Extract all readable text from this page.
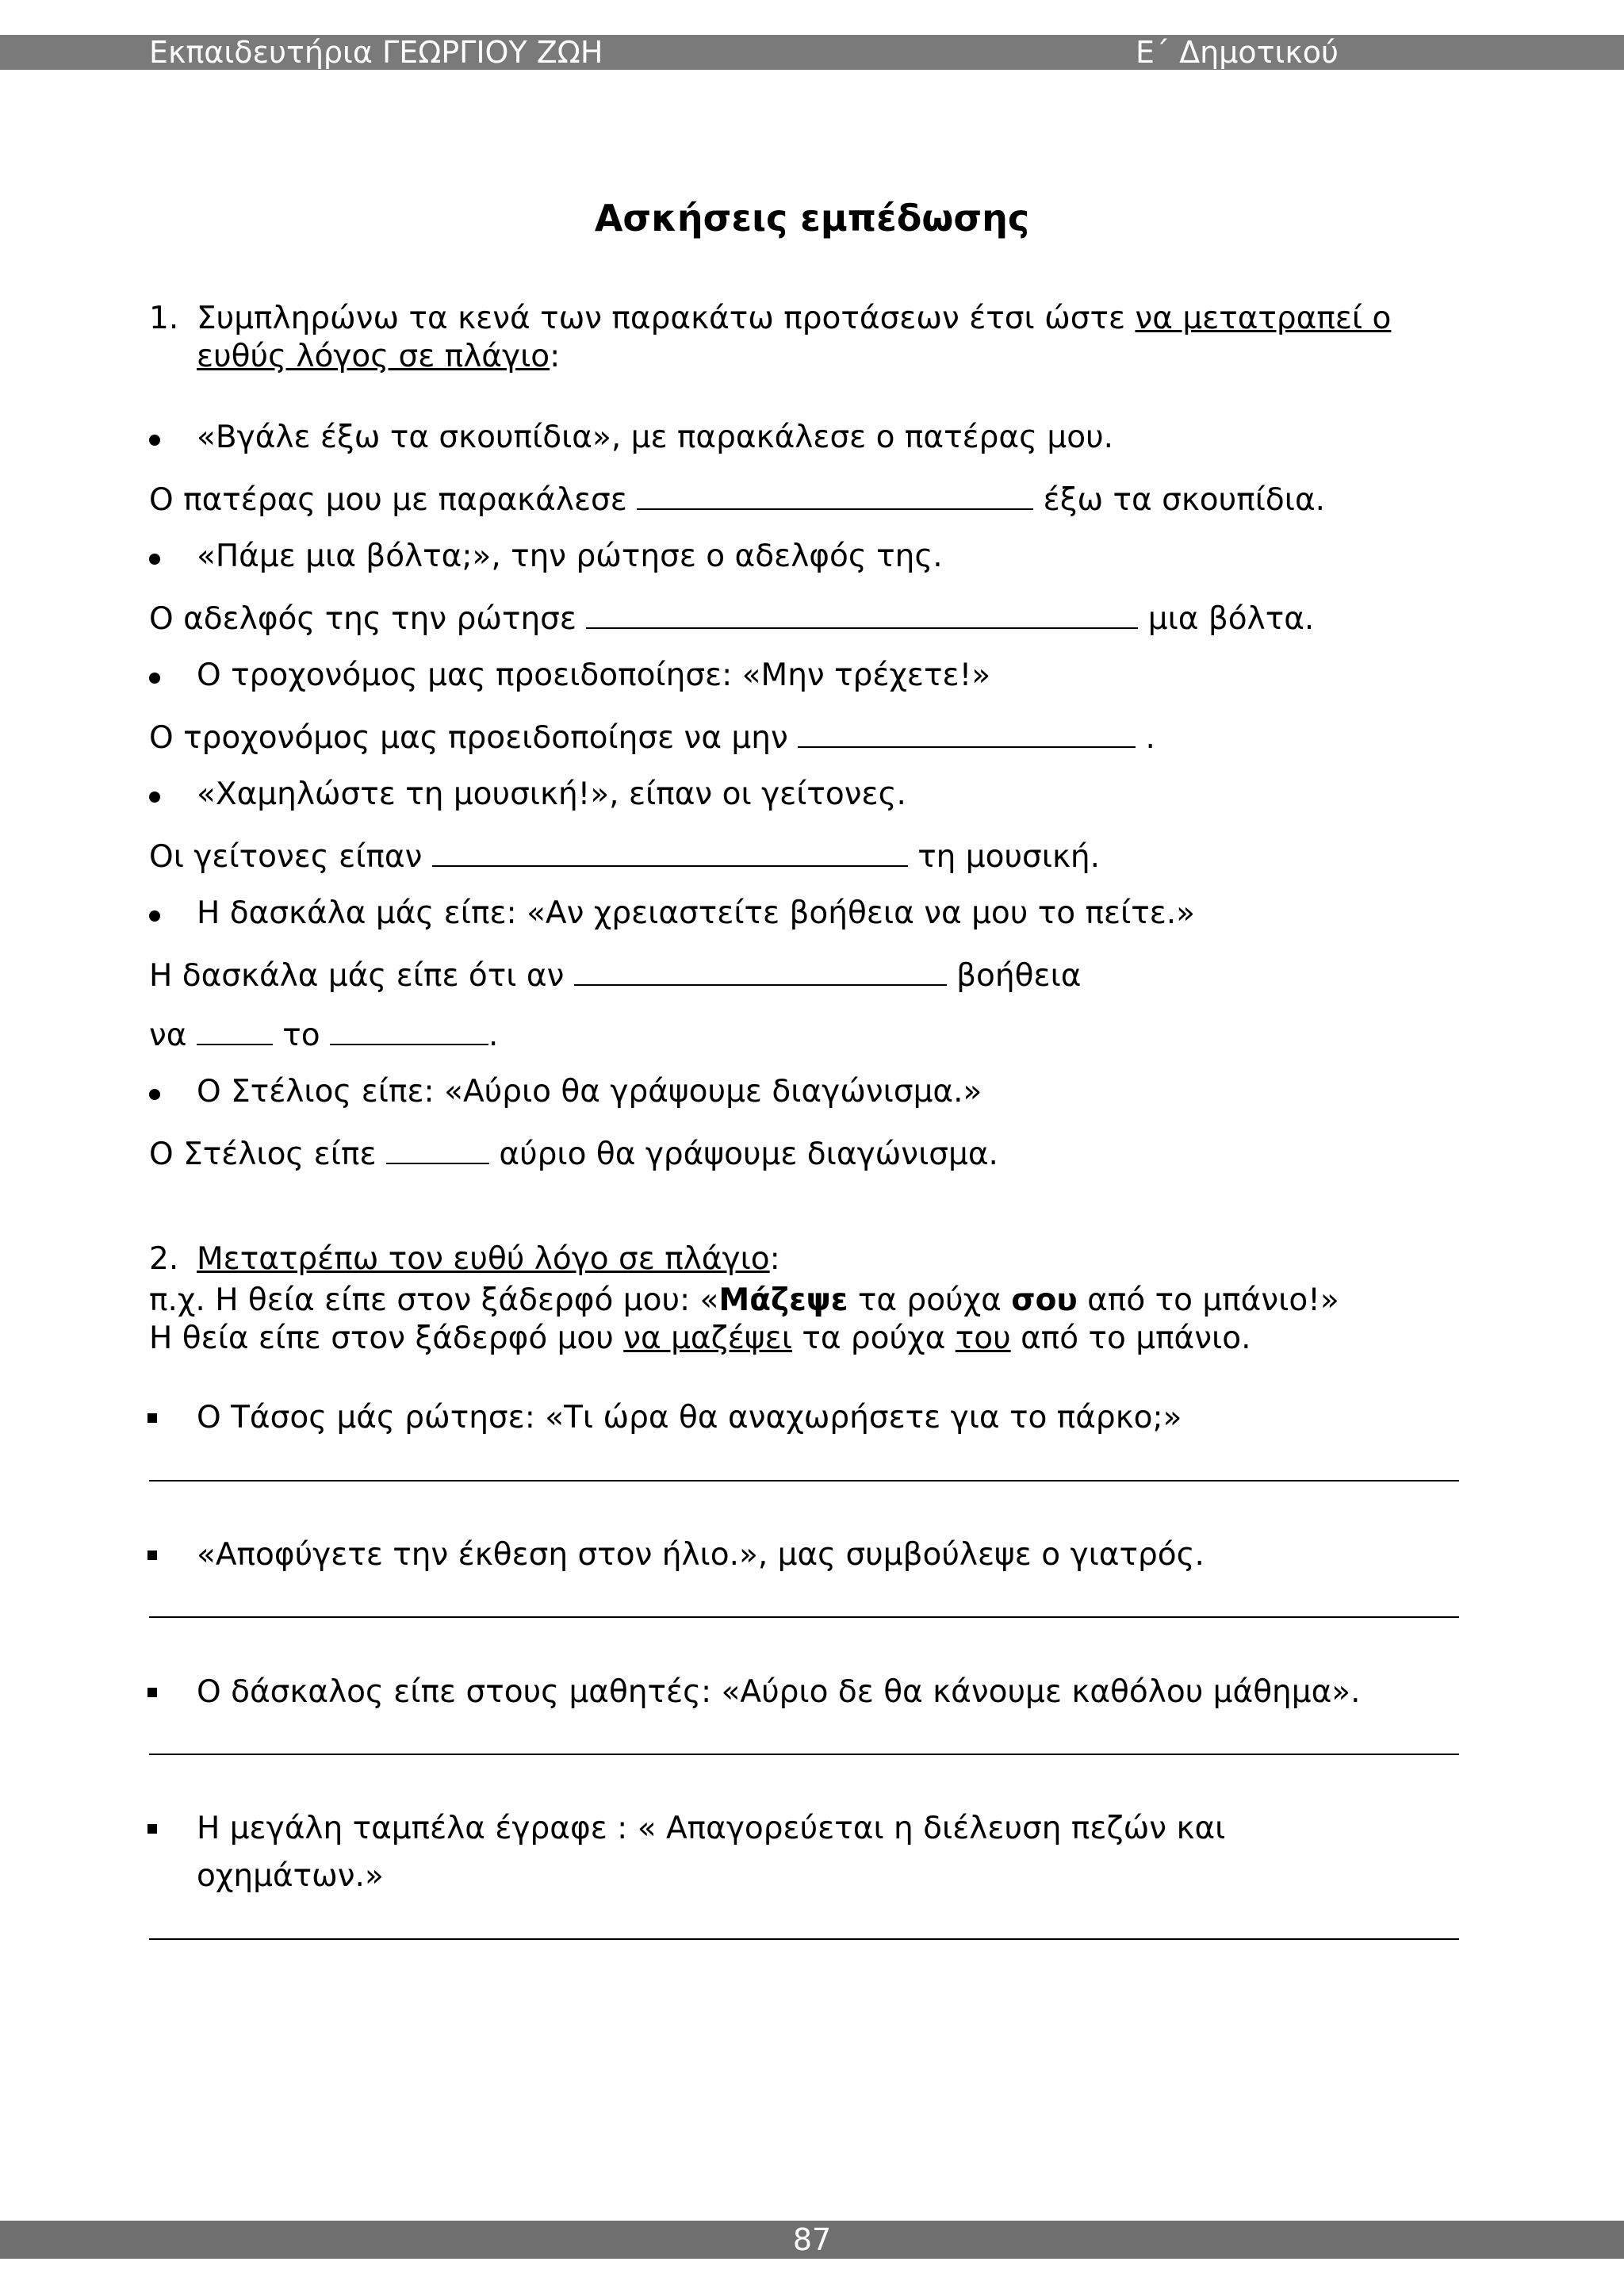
Εκπαιδευτήρια ΓΕΩΡΓΙΟΥ ΖΩΗ	Ε΄ Δημοτικού
Ασκήσεις εμπέδωσης
1. Συμπληρώνω τα κενά των παρακάτω προτάσεων έτσι ώστε να μετατραπεί ο
ευθύς λόγος σε πλάγιο:
«Βγάλε έξω τα σκουπίδια», με παρακάλεσε ο πατέρας μου.
Ο πατέρας μου με παρακάλεσε	έξω τα σκουπίδια.
«Πάμε μια βόλτα;», την ρώτησε ο αδελφός της.
Ο αδελφός της την ρώτησε	μια βόλτα.
Ο τροχονόμος μας προειδοποίησε: «Μην τρέχετε!»
Ο τροχονόμος μας προειδοποίησε να μην	.
«Χαμηλώστε τη μουσική!», είπαν οι γείτονες.
Οι γείτονες είπαν	τη μουσική.
Η δασκάλα μάς είπε: «Αν χρειαστείτε βοήθεια να μου το πείτε.»
Η δασκάλα μάς είπε ότι αν	βοήθεια
να  το	.
Ο Στέλιος είπε: «Αύριο θα γράψουμε διαγώνισμα.»
Ο Στέλιος είπε	αύριο θα γράψουμε διαγώνισμα.
2. Μετατρέπω τον ευθύ λόγο σε πλάγιο:
π.χ. Η θεία είπε στον ξάδερφό μου: «Μάζεψε τα ρούχα σου από το μπάνιο!»
Η θεία είπε στον ξάδερφό μου να μαζέψει τα ρούχα του από το μπάνιο.
Ο Τάσος μάς ρώτησε: «Τι ώρα θα αναχωρήσετε για το πάρκο;»
«Αποφύγετε την έκθεση στον ήλιο.», μας συμβούλεψε ο γιατρός.
Ο δάσκαλος είπε στους μαθητές: «Αύριο δε θα κάνουμε καθόλου μάθημα».
Η μεγάλη ταμπέλα έγραφε : « Απαγορεύεται η διέλευση πεζών και
οχημάτων.»
87
